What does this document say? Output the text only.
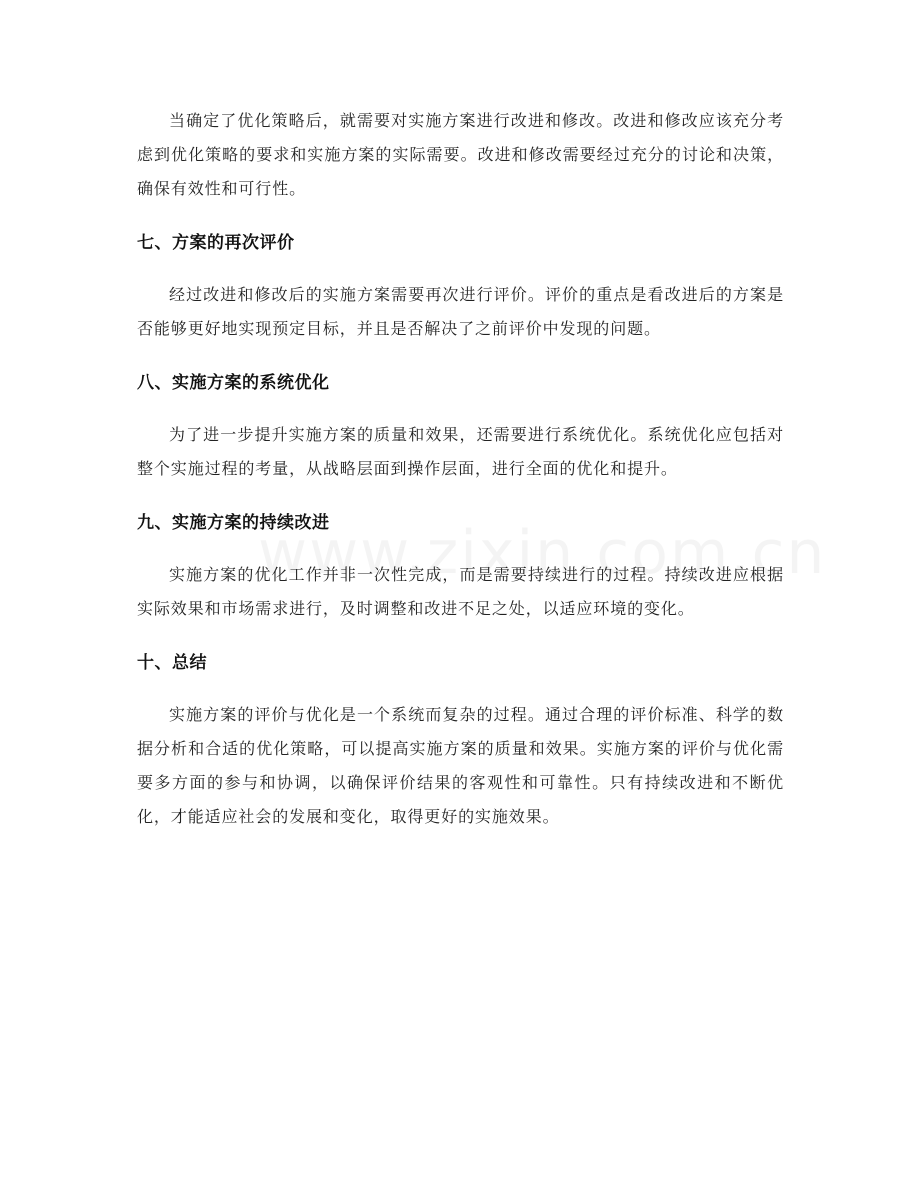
当确定了优化策略后，就需要对实施方案进行改进和修改。改进和修改应该充分考虑到优化策略的要求和实施方案的实际需要。改进和修改需要经过充分的讨论和决策，确保有效性和可行性。

七、方案的再次评价

经过改进和修改后的实施方案需要再次进行评价。评价的重点是看改进后的方案是否能够更好地实现预定目标，并且是否解决了之前评价中发现的问题。

八、实施方案的系统优化

为了进一步提升实施方案的质量和效果，还需要进行系统优化。系统优化应包括对整个实施过程的考量，从战略层面到操作层面，进行全面的优化和提升。

九、实施方案的持续改进

实施方案的优化工作并非一次性完成，而是需要持续进行的过程。持续改进应根据实际效果和市场需求进行，及时调整和改进不足之处，以适应环境的变化。

十、总结

实施方案的评价与优化是一个系统而复杂的过程。通过合理的评价标准、科学的数据分析和合适的优化策略，可以提高实施方案的质量和效果。实施方案的评价与优化需要多方面的参与和协调，以确保评价结果的客观性和可靠性。只有持续改进和不断优化，才能适应社会的发展和变化，取得更好的实施效果。
